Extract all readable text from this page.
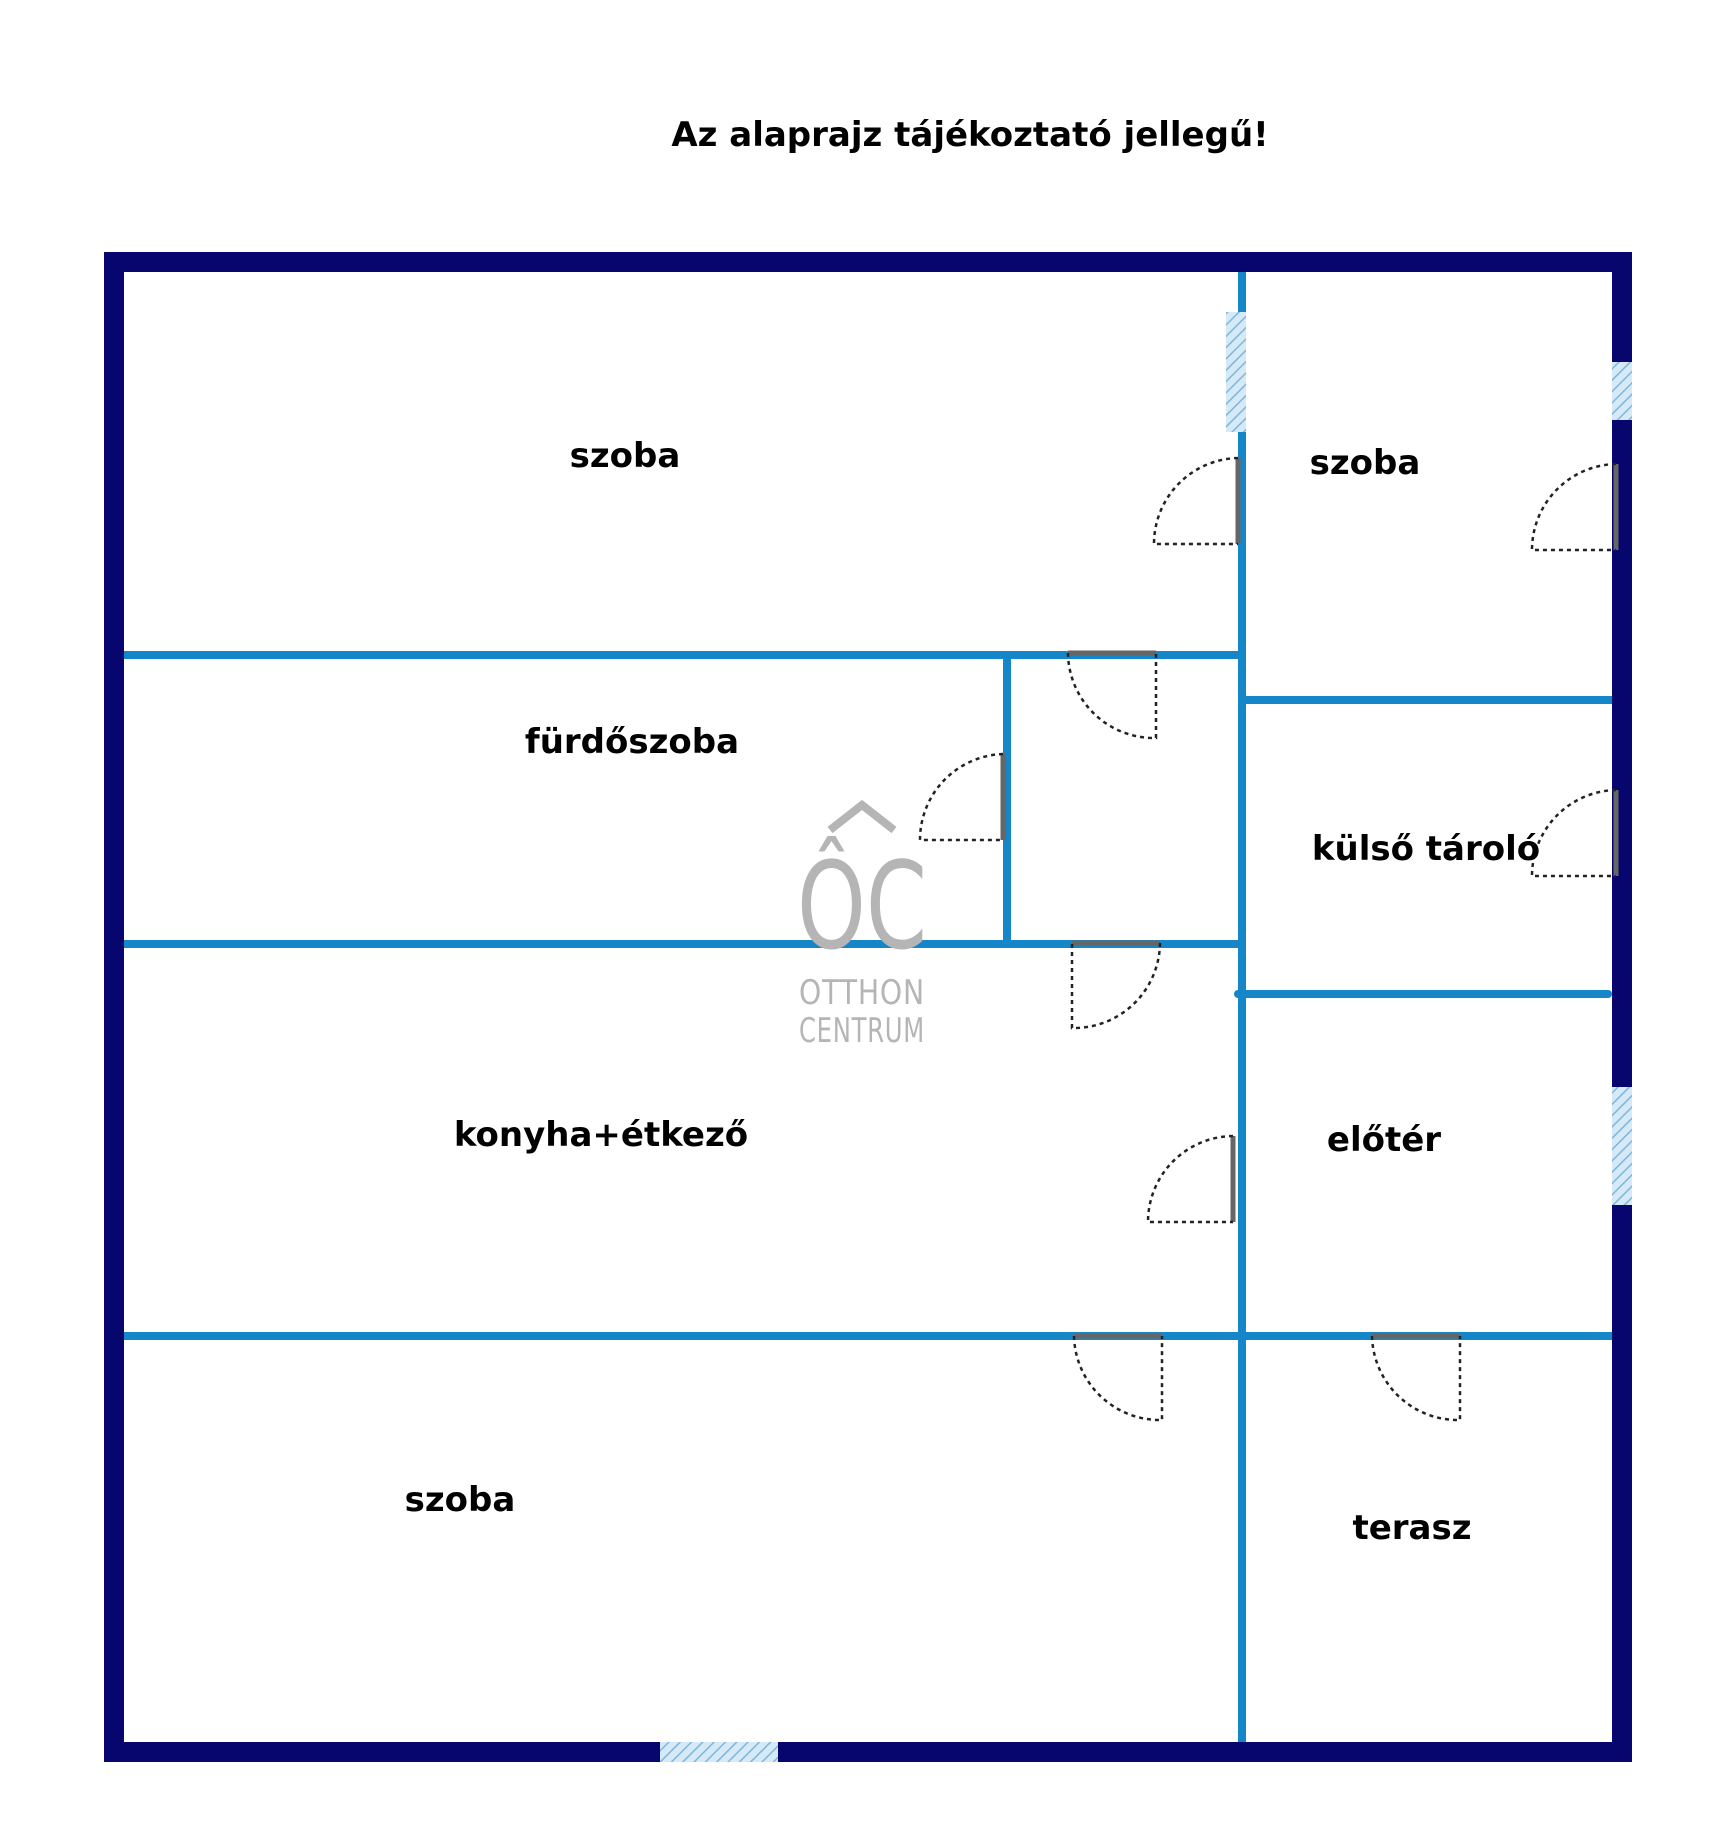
Az alaprajz tájékoztató jellegű!
ÔC
OTTHON
CENTRUM
szoba	szoba
fürdőszoba
külső tároló
konyha+étkező	előtér
szoba
terasz
